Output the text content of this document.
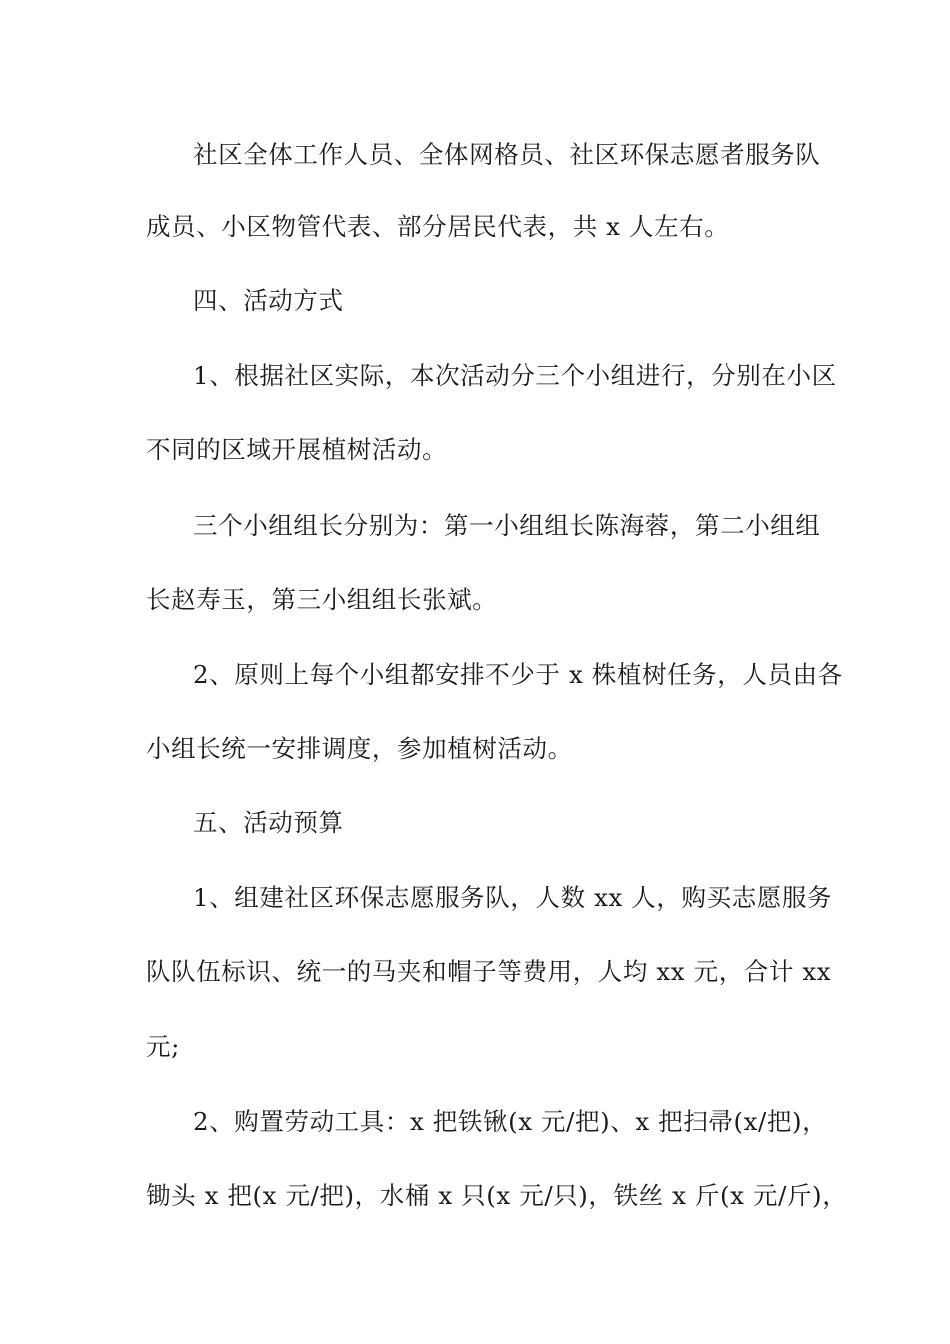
社区全体工作人员、全体网格员、社区环保志愿者服务队
成员、小区物管代表、部分居民代表，共 x 人左右。
四、活动方式
1、根据社区实际，本次活动分三个小组进行，分别在小区
不同的区域开展植树活动。
三个小组组长分别为：第一小组组长陈海蓉，第二小组组
长赵寿玉，第三小组组长张斌。
2、原则上每个小组都安排不少于 x 株植树任务，人员由各
小组长统一安排调度，参加植树活动。
五、活动预算
1、组建社区环保志愿服务队，人数 xx 人，购买志愿服务
队队伍标识、统一的马夹和帽子等费用，人均 xx 元，合计 xx
元;
2、购置劳动工具：x 把铁锹(x 元/把)、x 把扫帚(x/把)，
锄头 x 把(x 元/把)，水桶 x 只(x 元/只)，铁丝 x 斤(x 元/斤)，
